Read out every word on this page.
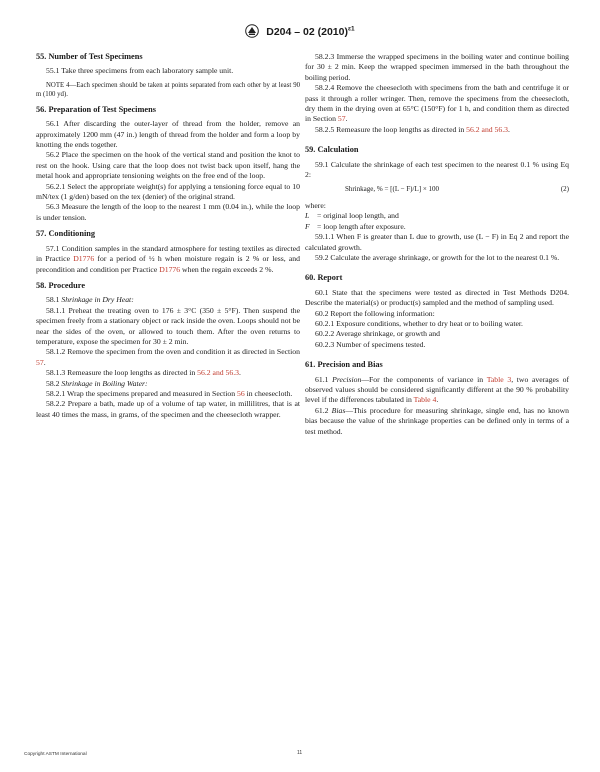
D204 – 02 $(2010)^{\varepsilon 1}$
55. Number of Test Specimens

55.1 Take three specimens from each laboratory sample unit.

NOTE 4—Each specimen should be taken at points separated from each other by at least 90 m (100 yd).
56. Preparation of Test Specimens

56.1 After discarding the outer-layer of thread from the holder, remove an approximately 1200 mm (47 in.) length of thread from the holder and form a loop by knotting the ends together.

56.2 Place the specimen on the hook of the vertical stand and position the knot to rest on the hook. Using care that the loop does not twist back upon itself, hang the metal hook and appropriate tensioning weights on the free end of the loop.

56.2.1 Select the appropriate weight(s) for applying a tensioning force equal to 10 mN/tex (1 g/den) based on the tex (denier) of the original strand.

56.3 Measure the length of the loop to the nearest 1 mm (0.04 in.), while the loop is under tension.

57. Conditioning

57.1 Condition samples in the standard atmosphere for testing textiles as directed in Practice D1776 for a period of ½ h when moisture regain is 2 % or less, and precondition and condition per Practice D1776 when the regain exceeds 2 %.

58. Procedure

58.1 Shrinkage in Dry Heat:

58.1.1 Preheat the treating oven to 176 ± 3°C (350 ± 5°F). Then suspend the specimen freely from a stationary object or rack inside the oven. Loops should not be near the sides of the oven, or allowed to touch them. After the oven returns to temperature, expose the specimen for 30 ± 2 min.

58.1.2 Remove the specimen from the oven and condition it as directed in Section 57.

58.1.3 Remeasure the loop lengths as directed in 56.2 and 56.3.

58.2 Shrinkage in Boiling Water:

58.2.1 Wrap the specimens prepared and measured in Section 56 in cheesecloth.

58.2.2 Prepare a bath, made up of a volume of tap water, in millilitres, that is at least 40 times the mass, in grams, of the specimen and the cheesecloth wrapper.

58.2.3 Immerse the wrapped specimens in the boiling water and continue boiling for 30 ± 2 min. Keep the wrapped specimen immersed in the bath throughout the boiling period.

58.2.4 Remove the cheesecloth with specimens from the bath and centrifuge it or pass it through a roller wringer. Then, remove the specimens from the cheesecloth, dry them in the drying oven at 65°C (150°F) for 1 h, and condition them as directed in Section 57.

58.2.5 Remeasure the loop lengths as directed in 56.2 and 56.3.

59. Calculation

59.1 Calculate the shrinkage of each test specimen to the nearest 0.1 % using Eq 2:

Shrinkage, % = [(L − F)/L] × 100	(2)

where:

L = original loop length, and

F = loop length after exposure.

59.1.1 When F is greater than L due to growth, use (L − F) in Eq 2 and report the calculated growth.

59.2 Calculate the average shrinkage, or growth for the lot to the nearest 0.1 %.

60. Report

60.1 State that the specimens were tested as directed in Test Methods D204. Describe the material(s) or product(s) sampled and the method of sampling used.

60.2 Report the following information:

60.2.1 Exposure conditions, whether to dry heat or to boiling water.

60.2.2 Average shrinkage, or growth and

60.2.3 Number of specimens tested.

61. Precision and Bias

61.1 Precision—For the components of variance in Table 3, two averages of observed values should be considered significantly different at the 90 % probability level if the differences tabulated in Table 4.

61.2 Bias—This procedure for measuring shrinkage, single end, has no known bias because the value of the shrinkage properties can be defined only in terms of a test method.

Copyright ASTM International	11
